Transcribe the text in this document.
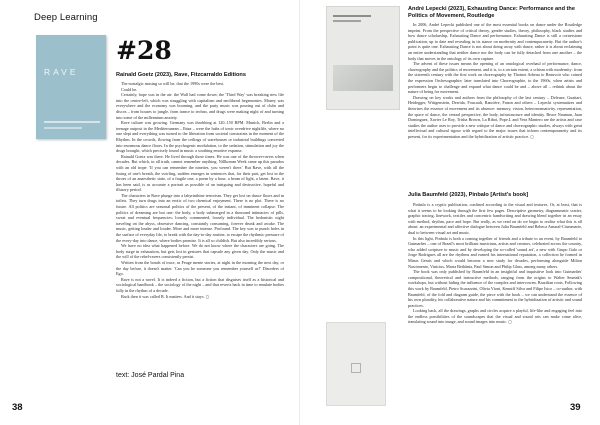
Deep Learning
RAVE
#28
Rainald Goetz (2023), Rave, Fitzcarraldo Editions

The nostalgic musing so will be, that the 1990s were the best.

Could be.

Certainly, hope was in the air: the Wall had come down; the 'Third Way' was breaking new life into the centre-left, which was struggling with capitalism and neoliberal hegemonies. Money was everywhere and the economy was booming, and the party music was pouring out of clubs and discos – from houses to jungle, from trance to techno, and drugs were making night of and turning into some of the millennium anxiety.

Rave culture was growing. Germany was throbbing at 120–150 BPM. Munich, Berlin and a teenage outpost in the Mediterranean – Ibiza – were the hubs of tonic overdrive nightlife, where no one slept and everything was turned to the liberation from societal constraints in the moment of the Rhythm. In the crowds, flowing from the ceilings of warehouses or industrial buildings converted into enormous dance floors. In the psychogenic modulation, to the sedation, stimulation and joy the drugs brought, which precisely found in music a soothing emotive expanse.

Rainald Goetz was there. He lived through those times. He was one of the thrower-ravers when decades. But which, in all truth, cannot remember anything. Nillkomm Week came up this paradox with an old trope: 'If you can remember the nineties, you weren't there.' But Rave, with all the fusing of one's breath, the swirling, sudden emerges in sentences that, for their part, get lost in the throes of an anaesthetic state, of a fragile one, a poem by a hour, a beam of light, a latent. Rave, it has been said, is as accurate a portrait as possible of an intriguing and destructive, hopeful and illusory period.

The characters in Rave plunge into a labyrinthine terrorism. They get lost on dance floors and in toilets. They turn drugs into an erotic of two chemical enjoyment. There is no plot. There is no future. All politics are seasonal politics of the present, of the instant, of imminent collapse. The politics of dreaming are but one: the body, a body submerged in a thousand intimacies of pills, sweat and eventual frequencies; loosely commented, loosely individual. The hedonistic night traveling on the abyss, obsessive dancing, constantly consuming, forever drunk and awake. The music, getting louder and louder. More and more intense. Profound. The key was to punch holes in the surface of everyday life, to break with the day-to-day routine, to escape the rhythmic pressure of the every-day into dance, where bodies promise. It is all so childish. But also incredibly serious.

We have no idea what happened before. We do not know where the characters are going. The body surge in exhaustion, but gets lost in gestures that capsule any given day. Only the music and the will of the rebel-ravers consistently persist.

Written from the bonds of trace, as Feuge mente stories, at night in the morning the next day, or the day before, it doesn't matter. 'Can you be someone you remember yourself as?' Disorders of Ego.

Rave is not a novel. It is indeed a fiction, but a fiction that disguises itself as a historical and sociological handbook – the sociology of the night – and that reverts back in time to emulate bodies fully in the rhythm of a decade.

Back then it was called B. It matters. And it stays. ◻

text: José Pardal Pina
38
André Lepecki (2023), Exhausting Dance: Performance and the Politics of Movement, Routledge

In 2006, André Lepecki published one of the most essential books on dance under the Routledge imprint. From the perspective of critical theory, gender studies, theory, philosophy, black studies and how dance scholarship, Exhausting Dance and performance, Exhausting Dance is still a cornerstone publication, up to date and revealing in its stance on modernity and contemporaneity. But the author's point is quite one. Exhausting Dance is not about doing away with dance, rather it is about reclaiming an entire understanding that neither dance nor the body can be fully detached from one another – the body that moves in the ontology of its own capture.

The advent of these issues means the opening of an ontological overhaul of performance, dance, choreography and the politics of movement, and it is, to a certain extent, a schism with modernity: from the sixteenth century with the first work on choreography by Thoinot Arbeau to Beauvoir who coined the expression Orchesographie; later translated into Choreographie, to the 1960s, when artists and performers begin to challenge and expand what dance could be and – above all – rethink about the nature of being for movement.

Drawing on key works and authors from the philosophy of the last century – Deleuze, Guattari, Heidegger, Wittgenstein, Derrida, Foucault, Rancière, Fanon and others – Lepecki systematizes and theorises the essence of movement and its absence: memory, vision, heteronormativity, representation, the space of dance, the central perspective, the body, infrastructure and identity. Bruce Nauman, Juan Dominguez, Xavier Le Roy, Trisha Brown, La Ribot, Pope.L and Vera Mantero are the artists and case studies the author uses to provide a new critique of dance and choreographic studies, always with great intellectual and cultural rigour with regard to the major issues that inform contemporaneity and its present, for its experimentation and the hybridization of artistic practice. ◻

Julia Baumfeld (2023), Pinbalo [Artist's book]

Pinbalo is a cryptic publication, confined according to the visual and textures. Or, at least, that is what it seems to be looking through the first few pages. Descriptive geometry, diagrammatic scatter, graphic tracing, linework, textiles and concentric handwriting and drawing blend together in an essay with method, rhythm, pace and hope. But really, as we read on do we begin to realise what this is all about: an experimental and affective dialogue between Julia Baumfeld and Rebeca Amaral-Ciurumarie, dual to between visual art and music.

In this light, Pinbalo is both a coming together of friends and a tribute to an event, by Baumfeld to Guimarães – one of Brazil's most brilliant musicians, artists and creators, celebrated across the country, who added scripture to music and by developing the so-called 'sound art', a new with Grupo Galo or Jorge Rodrigues all are the rhythms and earned his international reputation, a collection he formed in Minas Gerais and which would become a new study for decades, performing alongside Milton Nascimento, Vinicius, Maria Bethânia, Paul Simon and Philip Glass, among many others.

The book was only published by Baumfeld in an insightful and inquisitive look into Guimarães' compositional, theoretical and instructive methods, ranging from the origins to Walter Smetak's workshops, but without hiding the influence of the complex and intervowen, Brazilian roots. Following this work by Baumfeld, Pietro Scarazzini, Olivia Vioni, Kenniff Silva and Filipe Isico – co-author, with Baumfeld, of the fold and diagram guide, the piece with the book – we can understand the essence of his own plurality, his collaborative nature and his commitment to the hybridization of artistic and sound practices.

Looking back, all the drawings, graphs and circles acquire a playful, life-like and engaging feel into the endless possibilities of the soundscapes that the visual and sound arts can make come alive, translating sound into image, and sound images into music. ◻

39
